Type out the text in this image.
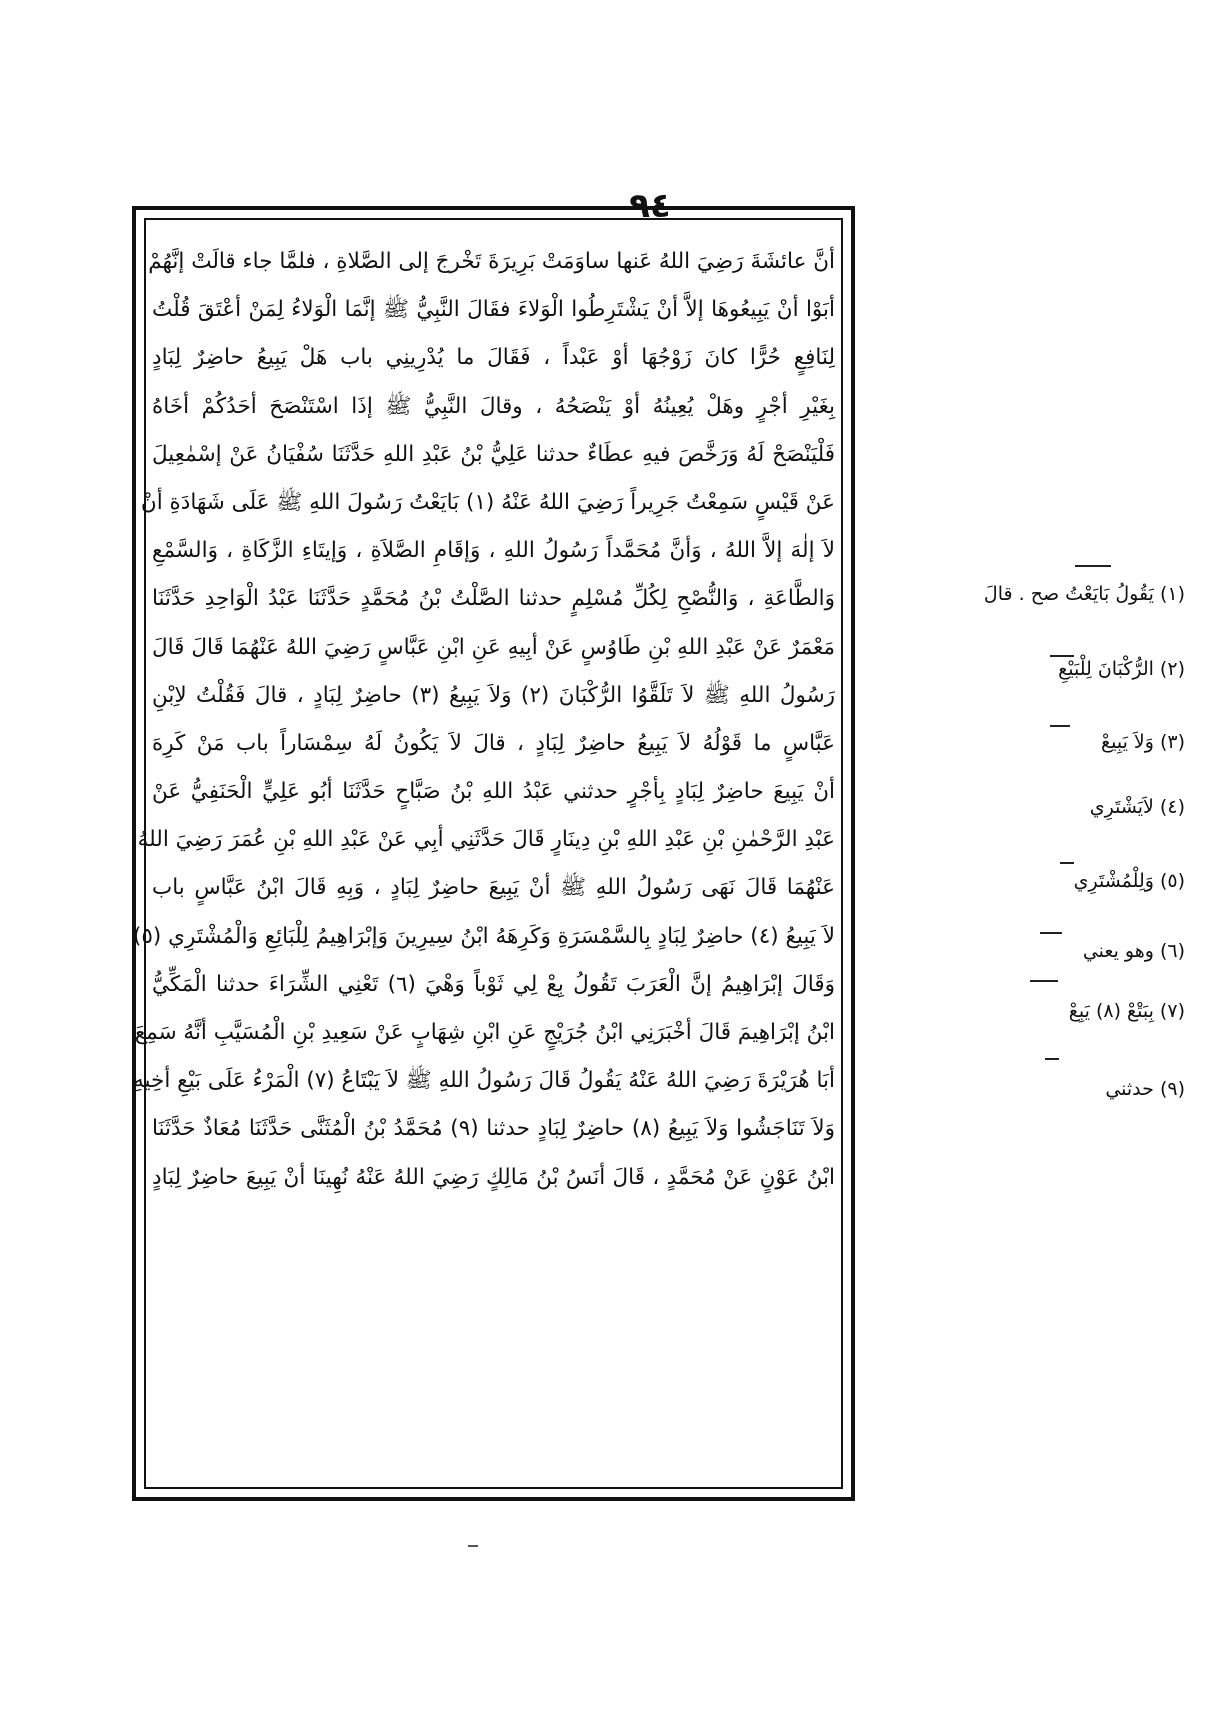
٩٤
أنَّ عائشَةَ رَضِيَ اللهُ عَنها ساوَمَتْ بَرِيرَةَ تَخْرجَ إلى الصَّلاةِ ، فلمَّا جاء قالَتْ إنَّهُمْ
أبَوْا أنْ يَبِيعُوهَا إلاَّ أنْ يَشْتَرِطُوا الْوَلاءَ فقَالَ النَّبِيُّ ﷺ إنَّمَا الْوَلاءُ لِمَنْ أعْتَقَ قُلْتُ
لِنَافِعٍ حُرًّا كانَ زَوْجُهَا أوْ عَبْداً ، فَقَالَ ما يُدْرِينِي باب هَلْ يَبِيعُ حاضِرٌ لِبَادٍ
بِغَيْرِ أجْرٍ وهَلْ يُعِينُهُ أوْ يَنْصَحُهُ ، وقالَ النَّبِيُّ ﷺ إذَا اسْتَنْصَحَ أحَدُكُمْ أخَاهُ
فَلْيَنْصَحْ لَهُ وَرَخَّصَ فيهِ عطَاءٌ حدثنا عَلِيُّ بْنُ عَبْدِ اللهِ حَدَّثَنَا سُفْيَانُ عَنْ إسْمٰعِيلَ
عَنْ قَيْسٍ سَمِعْتُ جَرِيراً رَضِيَ اللهُ عَنْهُ (١) بَايَعْتُ رَسُولَ اللهِ ﷺ عَلَى شَهَادَةِ أنْ
لاَ إلٰهَ إلاَّ اللهُ ، وَأنَّ مُحَمَّداً رَسُولُ اللهِ ، وَإقَامِ الصَّلاَةِ ، وَإيتَاءِ الزَّكَاةِ ، وَالسَّمْعِ
وَالطَّاعَةِ ، وَالنُّصْحِ لِكُلِّ مُسْلِمٍ حدثنا الصَّلْتُ بْنُ مُحَمَّدٍ حَدَّثَنَا عَبْدُ الْوَاحِدِ حَدَّثَنَا
مَعْمَرٌ عَنْ عَبْدِ اللهِ بْنِ طَاوُسٍ عَنْ أبِيهِ عَنِ ابْنِ عَبَّاسٍ رَضِيَ اللهُ عَنْهُمَا قَالَ قَالَ
رَسُولُ اللهِ ﷺ لاَ تَلَقَّوُا الرُّكْبَانَ (٢) وَلاَ يَبِيعُ (٣) حاضِرٌ لِبَادٍ ، قالَ فَقُلْتُ لاِبْنِ
عَبَّاسٍ ما قَوْلُهُ لاَ يَبِيعُ حاضِرٌ لِبَادٍ ، قالَ لاَ يَكُونُ لَهُ سِمْسَاراً باب مَنْ كَرِهَ
أنْ يَبِيعَ حاضِرٌ لِبَادٍ بِأجْرٍ حدثني عَبْدُ اللهِ بْنُ صَبَّاحٍ حَدَّثَنَا أبُو عَلِيٍّ الْحَنَفِيُّ عَنْ
عَبْدِ الرَّحْمٰنِ بْنِ عَبْدِ اللهِ بْنِ دِينَارٍ قَالَ حَدَّثَنِي أبِي عَنْ عَبْدِ اللهِ بْنِ عُمَرَ رَضِيَ اللهُ
عَنْهُمَا قَالَ نَهَى رَسُولُ اللهِ ﷺ أنْ يَبِيعَ حاضِرٌ لِبَادٍ ، وَبِهِ قَالَ ابْنُ عَبَّاسٍ باب
لاَ يَبِيعُ (٤) حاضِرٌ لِبَادٍ بِالسَّمْسَرَةِ وَكَرِهَهُ ابْنُ سِيرِينَ وَإبْرَاهِيمُ لِلْبَائِعِ وَالْمُشْتَرِي (٥)
وَقَالَ إبْرَاهِيمُ إنَّ الْعَرَبَ تَقُولُ بِعْ لِي ثَوْباً وَهْيَ (٦) تَعْنِي الشِّرَاءَ حدثنا الْمَكِّيُّ
ابْنُ إبْرَاهِيمَ قَالَ أخْبَرَنِي ابْنُ جُرَيْجٍ عَنِ ابْنِ شِهَابٍ عَنْ سَعِيدِ بْنِ الْمُسَيَّبِ أنَّهُ سَمِعَ
أبَا هُرَيْرَةَ رَضِيَ اللهُ عَنْهُ يَقُولُ قَالَ رَسُولُ اللهِ ﷺ لاَ يَبْتَاعُ (٧) الْمَرْءُ عَلَى بَيْعِ أخِيهِ
وَلاَ تَنَاجَشُوا وَلاَ يَبِيعُ (٨) حاضِرٌ لِبَادٍ حدثنا (٩) مُحَمَّدُ بْنُ الْمُثَنَّى حَدَّثَنَا مُعَاذٌ حَدَّثَنَا
ابْنُ عَوْنٍ عَنْ مُحَمَّدٍ ، قَالَ أنَسُ بْنُ مَالِكٍ رَضِيَ اللهُ عَنْهُ نُهِينَا أنْ يَبِيعَ حاضِرٌ لِبَادٍ
(١) يَقُولُ بَايَعْتُ صح . قالَ
(٢) الرُّكْبَانَ لِلْبَيْعِ
(٣) وَلاَ يَبِيعْ
(٤) لاَيَشْتَرِي
(٥) وَلِلْمُشْتَرِي
(٦) وهو يعني
(٧) بِبَتْعْ (٨) يَبِعْ
(٩) حدثني
